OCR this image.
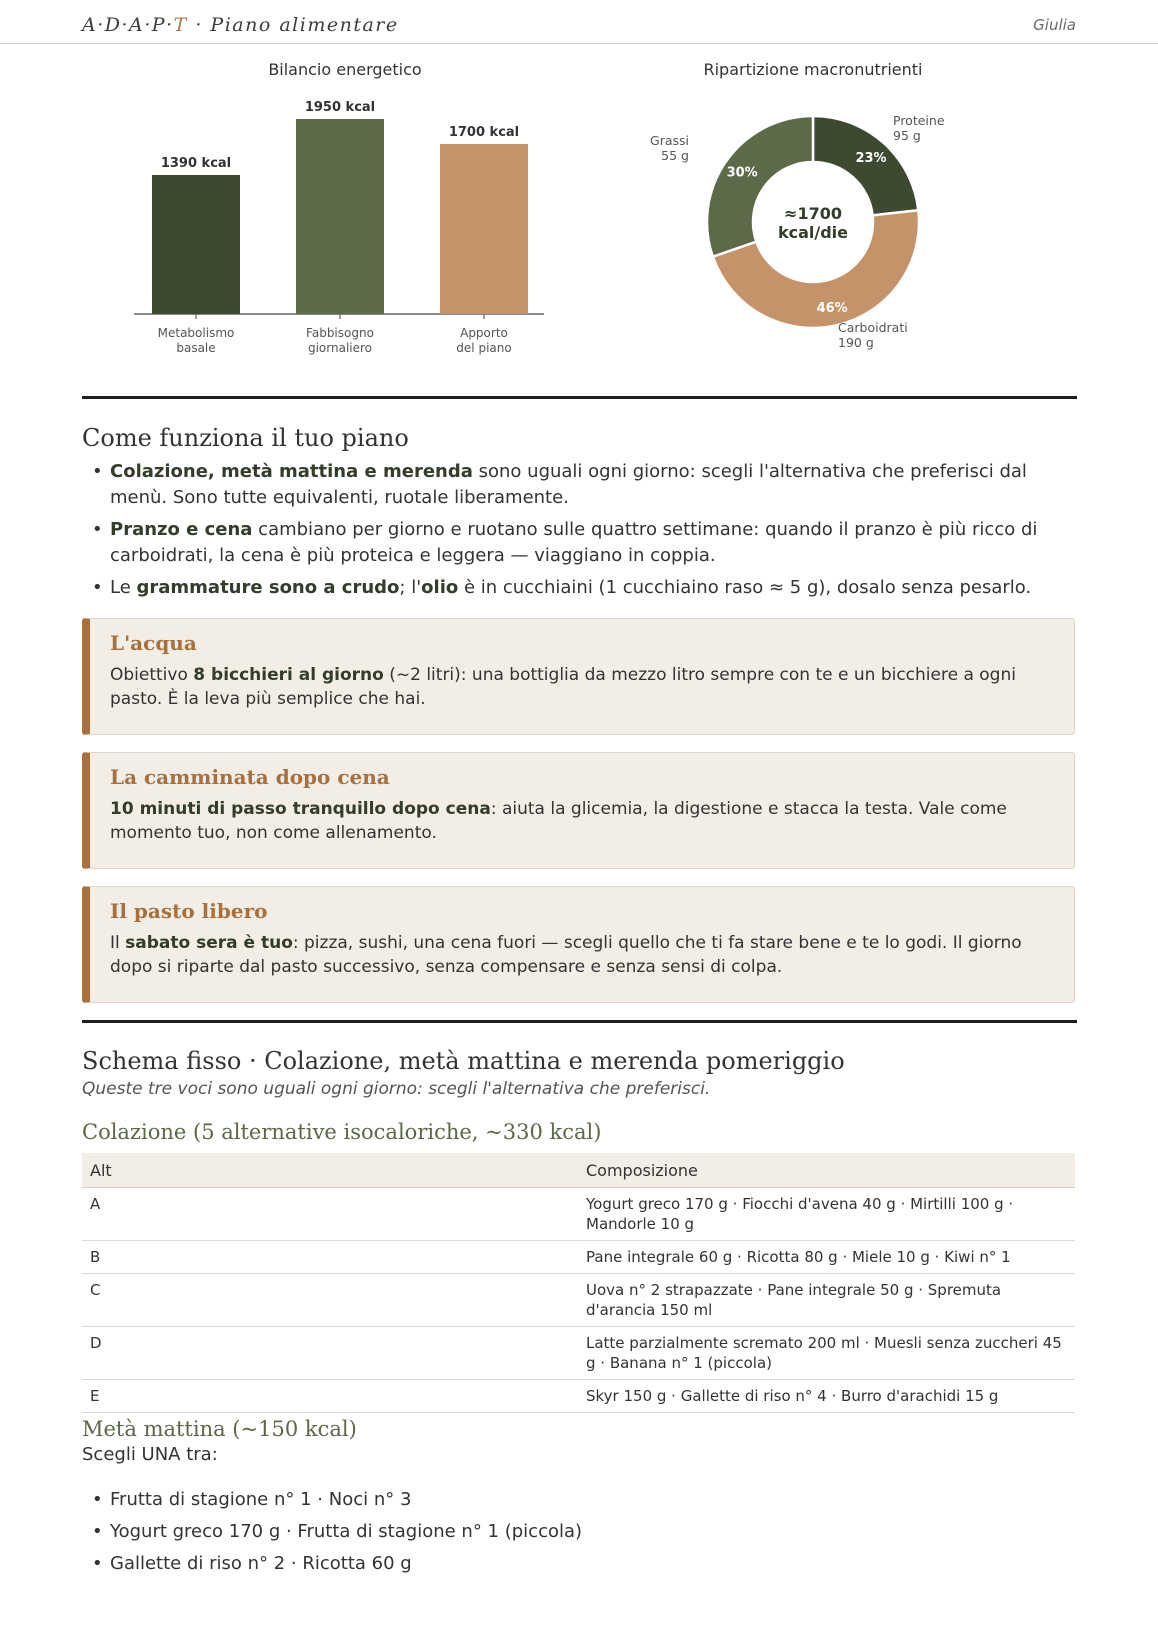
A·D·A·P·T · Piano alimentare	Giulia
Bilancio energetico
1390 kcal
Metabolismo
basale
1950 kcal
Fabbisogno
giornaliero
1700 kcal
Apporto
del piano
Ripartizione macronutrienti
23%
Proteine
95 g
46%
Carboidrati
190 g
30%
Grassi
55 g
≈1700
kcal/die
Come funziona il tuo piano
• Colazione, metà mattina e merenda sono uguali ogni giorno: scegli l'alternativa che preferisci dal menù. Sono tutte equivalenti, ruotale liberamente.
• Pranzo e cena cambiano per giorno e ruotano sulle quattro settimane: quando il pranzo è più ricco di carboidrati, la cena è più proteica e leggera — viaggiano in coppia.
• Le grammature sono a crudo; l'olio è in cucchiaini (1 cucchiaino raso ≈ 5 g), dosalo senza pesarlo.
L'acqua
Obiettivo 8 bicchieri al giorno (~2 litri): una bottiglia da mezzo litro sempre con te e un bicchiere a ogni pasto. È la leva più semplice che hai.
La camminata dopo cena
10 minuti di passo tranquillo dopo cena: aiuta la glicemia, la digestione e stacca la testa. Vale come momento tuo, non come allenamento.
Il pasto libero
Il sabato sera è tuo: pizza, sushi, una cena fuori — scegli quello che ti fa stare bene e te lo godi. Il giorno dopo si riparte dal pasto successivo, senza compensare e senza sensi di colpa.
Schema fisso · Colazione, metà mattina e merenda pomeriggio
Queste tre voci sono uguali ogni giorno: scegli l'alternativa che preferisci.
Colazione (5 alternative isocaloriche, ~330 kcal)
Alt	Composizione
A	Yogurt greco 170 g · Fiocchi d'avena 40 g · Mirtilli 100 g · Mandorle 10 g
B	Pane integrale 60 g · Ricotta 80 g · Miele 10 g · Kiwi n° 1
C	Uova n° 2 strapazzate · Pane integrale 50 g · Spremuta d'arancia 150 ml
D	Latte parzialmente scremato 200 ml · Muesli senza zuccheri 45 g · Banana n° 1 (piccola)
E	Skyr 150 g · Gallette di riso n° 4 · Burro d'arachidi 15 g
Metà mattina (~150 kcal)
Scegli UNA tra:
• Frutta di stagione n° 1 · Noci n° 3
• Yogurt greco 170 g · Frutta di stagione n° 1 (piccola)
• Gallette di riso n° 2 · Ricotta 60 g
